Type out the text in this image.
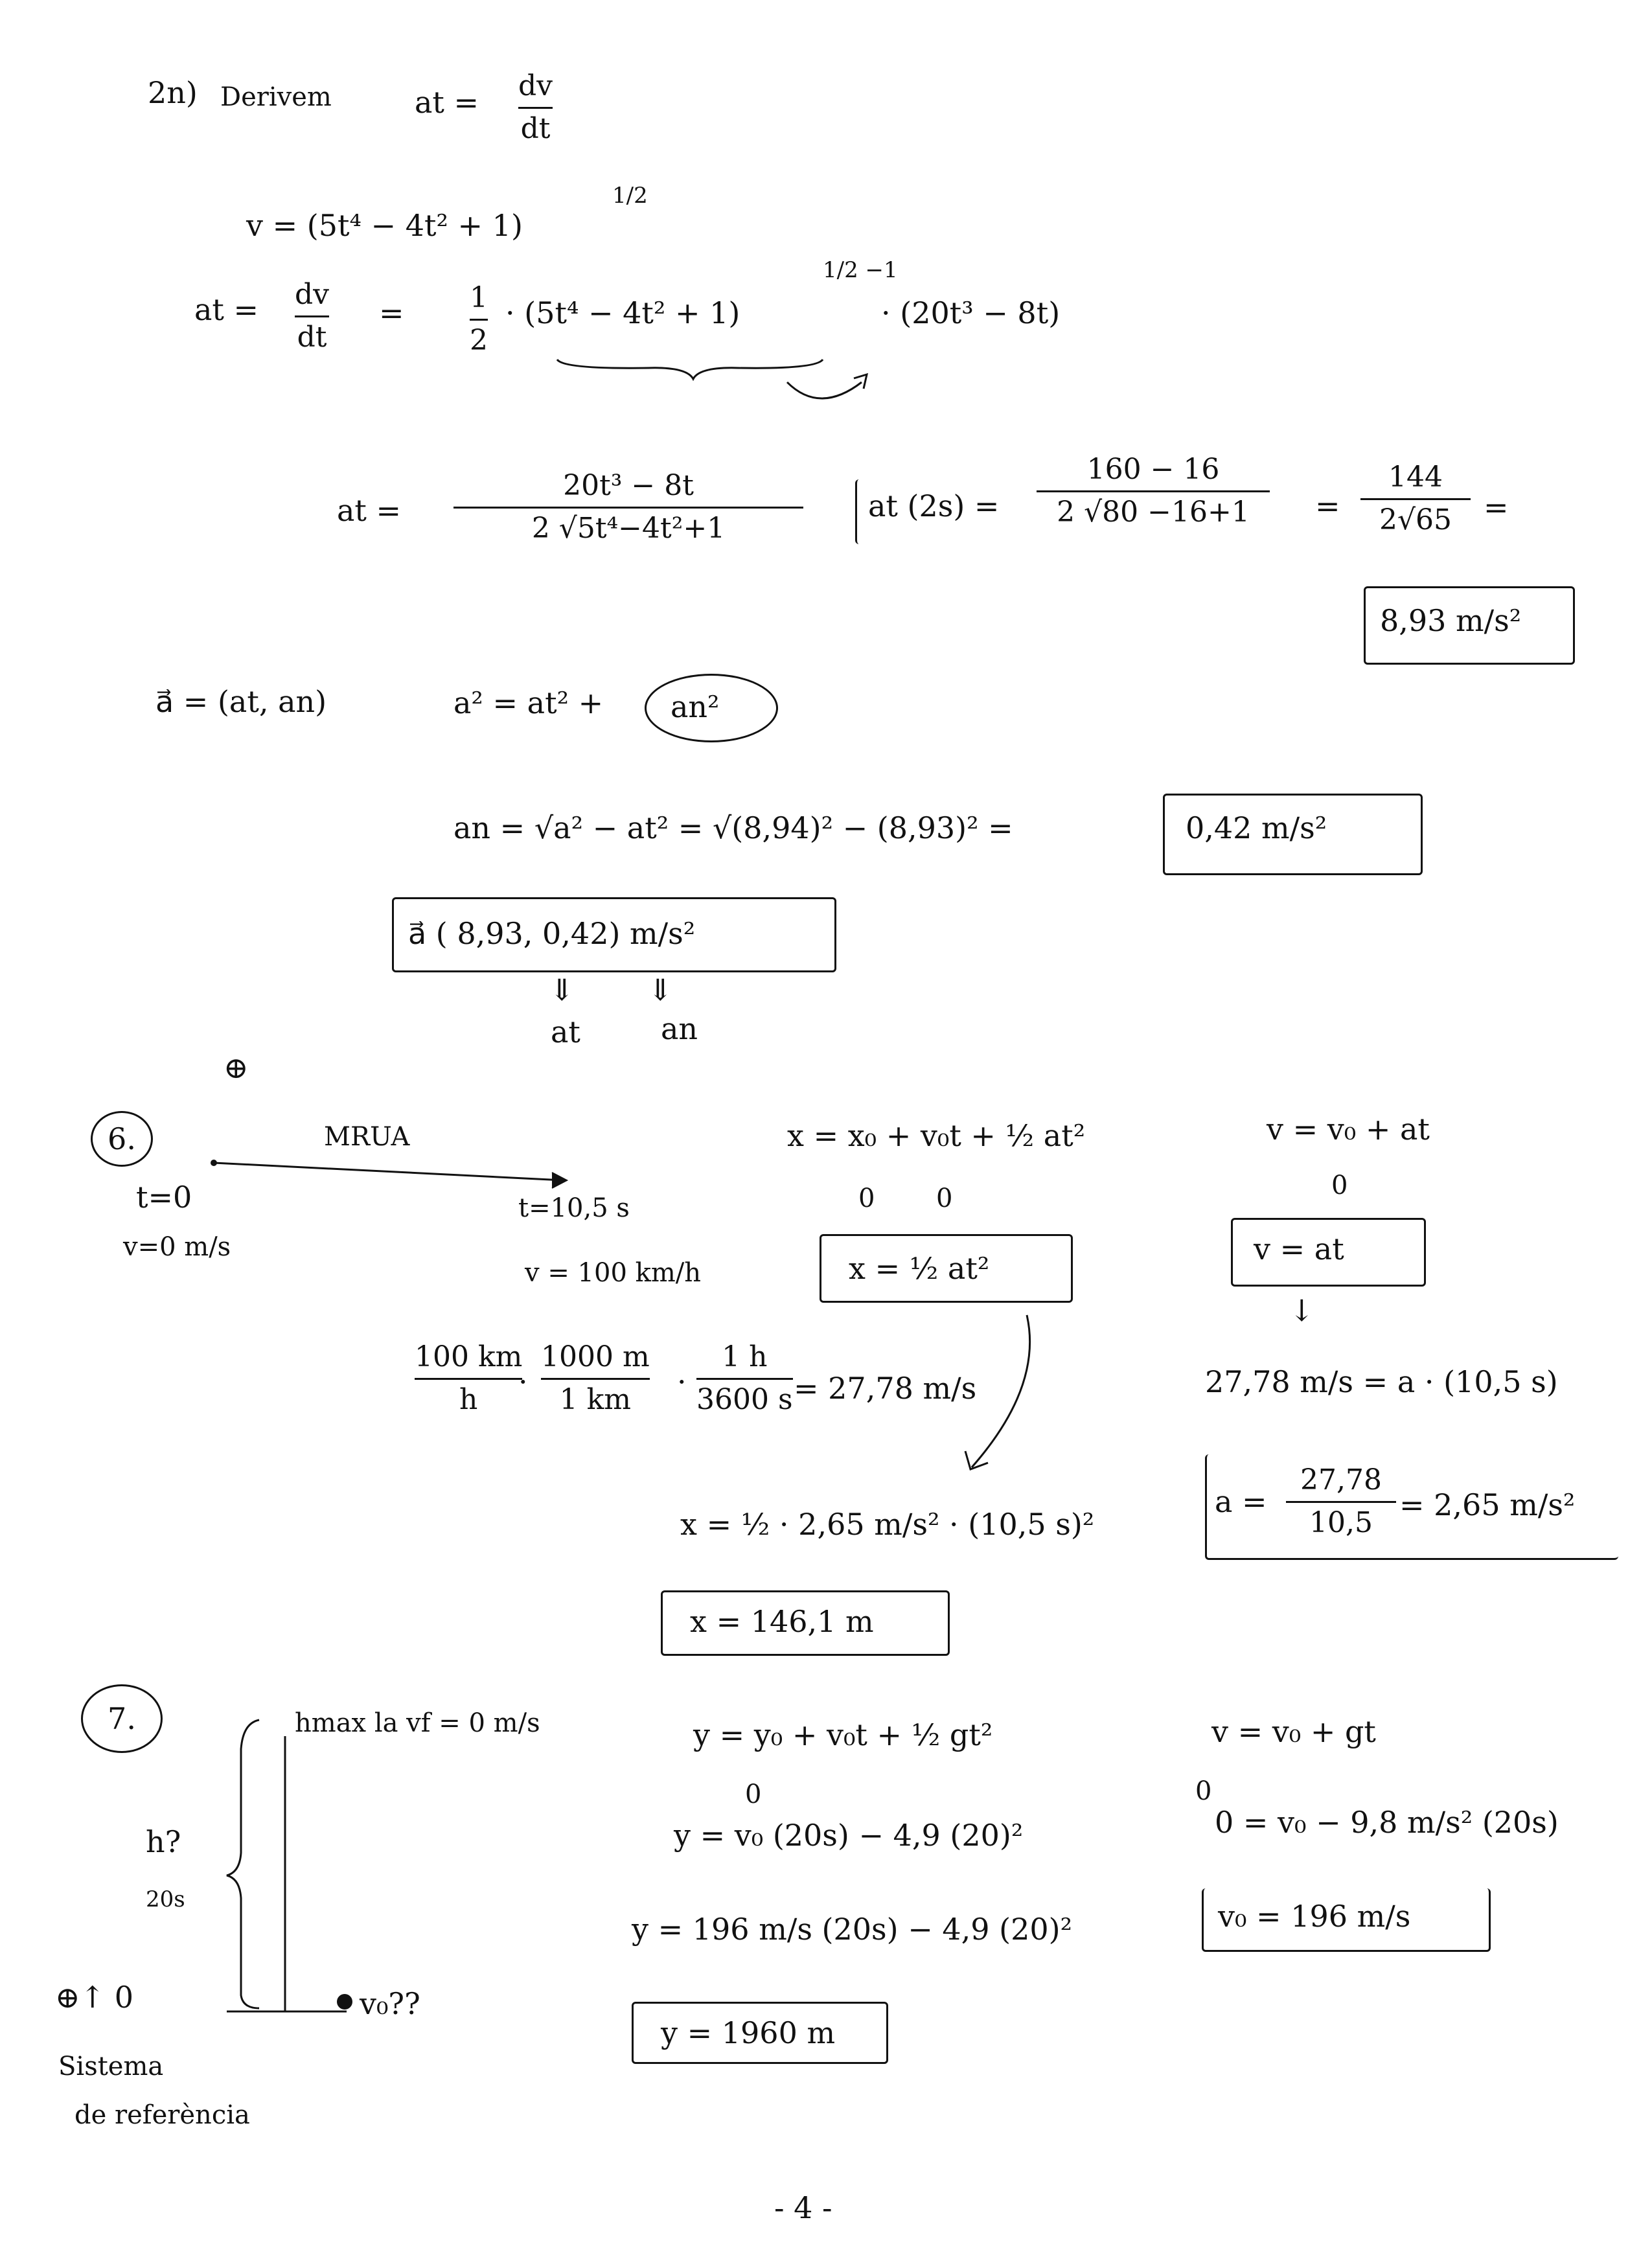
2n) Derivem	at = dv
dt
v = (5t⁴ − 4t² + 1)
1/2
at = dv
dt
= 1
2
· (5t⁴ − 4t² + 1)
1/2 −1
· (20t³ − 8t)
at =
20t³ − 8t
2 √5t⁴−4t²+1
at (2s) =
160 − 16
2 √80 −16+1	=
144
2√65	=
8,93 m/s²
a⃗ = (at, an)	a² = at² + an²
an = √a² − at² = √(8,94)² − (8,93)² =	0,42 m/s²
a⃗ ( 8,93, 0,42) m/s²
⇓ ⇓
at	an
⊕
6.	MRUA
t=0
v=0 m/s
t=10,5 s
v = 100 km/h
x = x₀ + v₀t + ½ at²
0 0
x = ½ at²
v = v₀ + at
0
v = at
↓
100 km
h
·
1000 m
1 km
·
1 h
3600 s = 27,78 m/s	27,78 m/s = a · (10,5 s)
a =
27,78
10,5
= 2,65 m/s²
x = ½ · 2,65 m/s² · (10,5 s)²
x = 146,1 m
7.	hmax la vf = 0 m/s
h?
20s
v₀??
⊕↑ 0
Sistema
de referència
y = y₀ + v₀t + ½ gt²
0
y = v₀ (20s) − 4,9 (20)²
y = 196 m/s (20s) − 4,9 (20)²
y = 1960 m
v = v₀ + gt
0
0 = v₀ − 9,8 m/s² (20s)
v₀ = 196 m/s
- 4 -
